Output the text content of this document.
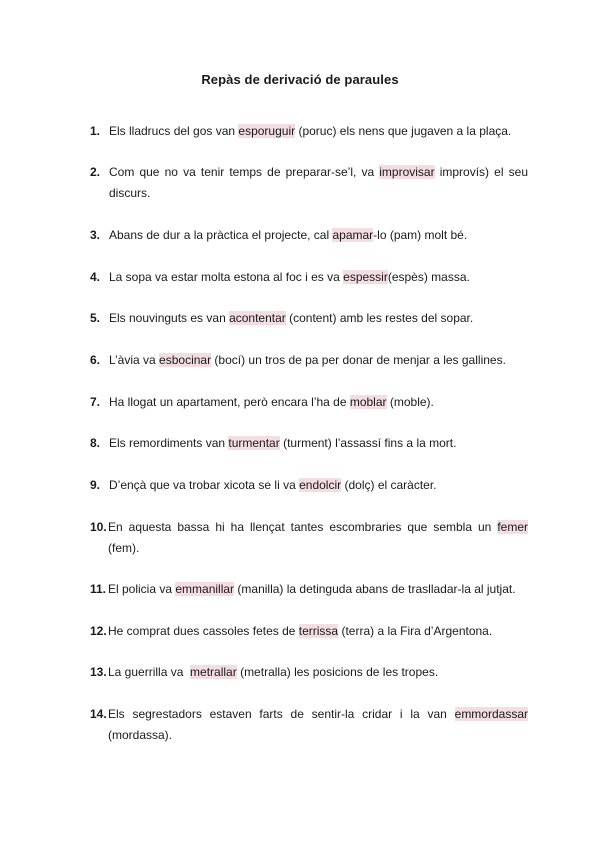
Repàs de derivació de paraules
1. Els lladrucs del gos van esporuguir (poruc) els nens que jugaven a la plaça.
2. Com que no va tenir temps de preparar-se’l, va improvisar improvís) el seu discurs.
3. Abans de dur a la pràctica el projecte, cal apamar-lo (pam) molt bé.
4. La sopa va estar molta estona al foc i es va espessir(espès) massa.
5. Els nouvinguts es van acontentar (content) amb les restes del sopar.
6. L’àvia va esbocinar (bocí) un tros de pa per donar de menjar a les gallines.
7. Ha llogat un apartament, però encara l’ha de moblar (moble).
8. Els remordiments van turmentar (turment) l’assassí fins a la mort.
9. D’ençà que va trobar xicota se li va endolcir (dolç) el caràcter.
10. En aquesta bassa hi ha llençat tantes escombraries que sembla un femer (fem).
11. El policia va emmanillar (manilla) la detinguda abans de traslladar-la al jutjat.
12. He comprat dues cassoles fetes de terrissa (terra) a la Fira d’Argentona.
13. La guerrilla va  metrallar (metralla) les posicions de les tropes.
14. Els segrestadors estaven farts de sentir-la cridar i la van emmordassar (mordassa).
